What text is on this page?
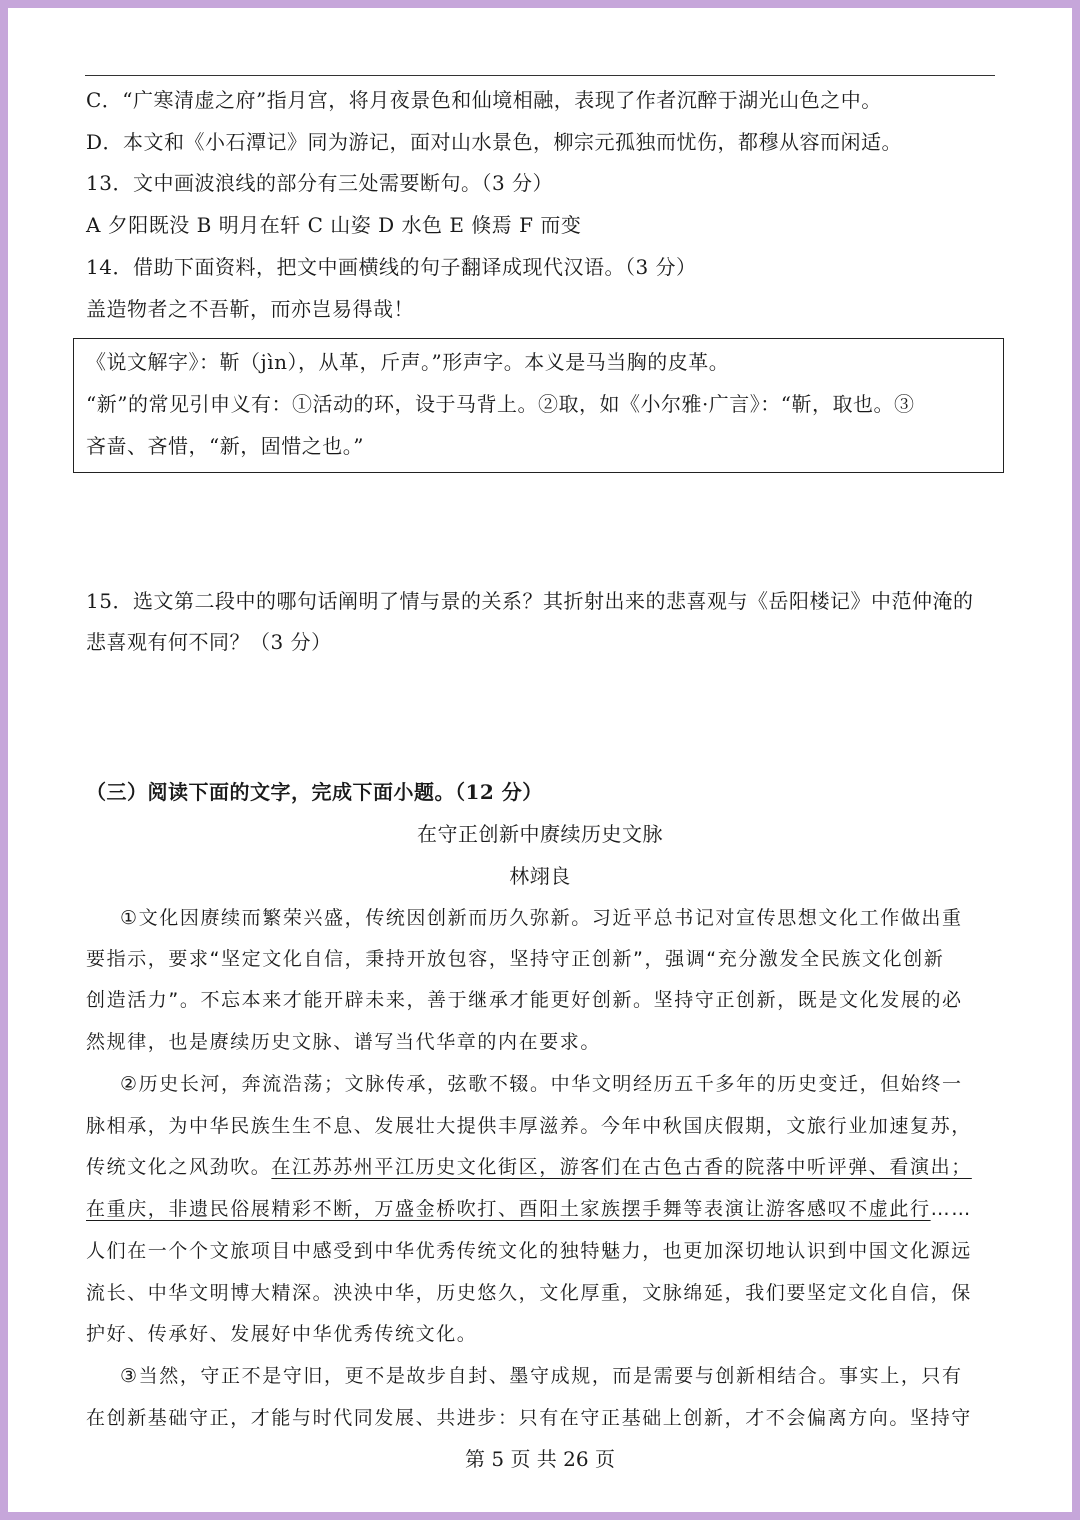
C．“广寒清虚之府”指月宫，将月夜景色和仙境相融，表现了作者沉醉于湖光山色之中。
D．本文和《小石潭记》同为游记，面对山水景色，柳宗元孤独而忧伤，都穆从容而闲适。
13．文中画波浪线的部分有三处需要断句。（3 分）
A 夕阳既没 B 明月在轩 C 山姿 D 水色 E 倏焉 F 而变
14．借助下面资料，把文中画横线的句子翻译成现代汉语。（3 分）
盖造物者之不吾靳，而亦岂易得哉！
《说文解字》：靳（jìn），从革，斤声。”形声字。本义是马当胸的皮革。
“新”的常见引申义有：①活动的环，设于马背上。②取，如《小尔雅·广言》：“靳，取也。③
吝啬、吝惜，“新，固惜之也。”
15．选文第二段中的哪句话阐明了情与景的关系？其折射出来的悲喜观与《岳阳楼记》中范仲淹的
悲喜观有何不同？（3 分）
（三）阅读下面的文字，完成下面小题。（12 分）
在守正创新中赓续历史文脉
林翊良
①文化因赓续而繁荣兴盛，传统因创新而历久弥新。习近平总书记对宣传思想文化工作做出重
要指示，要求“坚定文化自信，秉持开放包容，坚持守正创新”，强调“充分激发全民族文化创新
创造活力”。不忘本来才能开辟未来，善于继承才能更好创新。坚持守正创新，既是文化发展的必
然规律，也是赓续历史文脉、谱写当代华章的内在要求。
②历史长河，奔流浩荡；文脉传承，弦歌不辍。中华文明经历五千多年的历史变迁，但始终一
脉相承，为中华民族生生不息、发展壮大提供丰厚滋养。今年中秋国庆假期，文旅行业加速复苏，
传统文化之风劲吹。在江苏苏州平江历史文化街区，游客们在古色古香的院落中听评弹、看演出；
在重庆，非遗民俗展精彩不断，万盛金桥吹打、酉阳土家族摆手舞等表演让游客感叹不虚此行……
人们在一个个文旅项目中感受到中华优秀传统文化的独特魅力，也更加深切地认识到中国文化源远
流长、中华文明博大精深。泱泱中华，历史悠久，文化厚重，文脉绵延，我们要坚定文化自信，保
护好、传承好、发展好中华优秀传统文化。
③当然，守正不是守旧，更不是故步自封、墨守成规，而是需要与创新相结合。事实上，只有
在创新基础守正，才能与时代同发展、共进步：只有在守正基础上创新，才不会偏离方向。坚持守
第 5 页 共 26 页
